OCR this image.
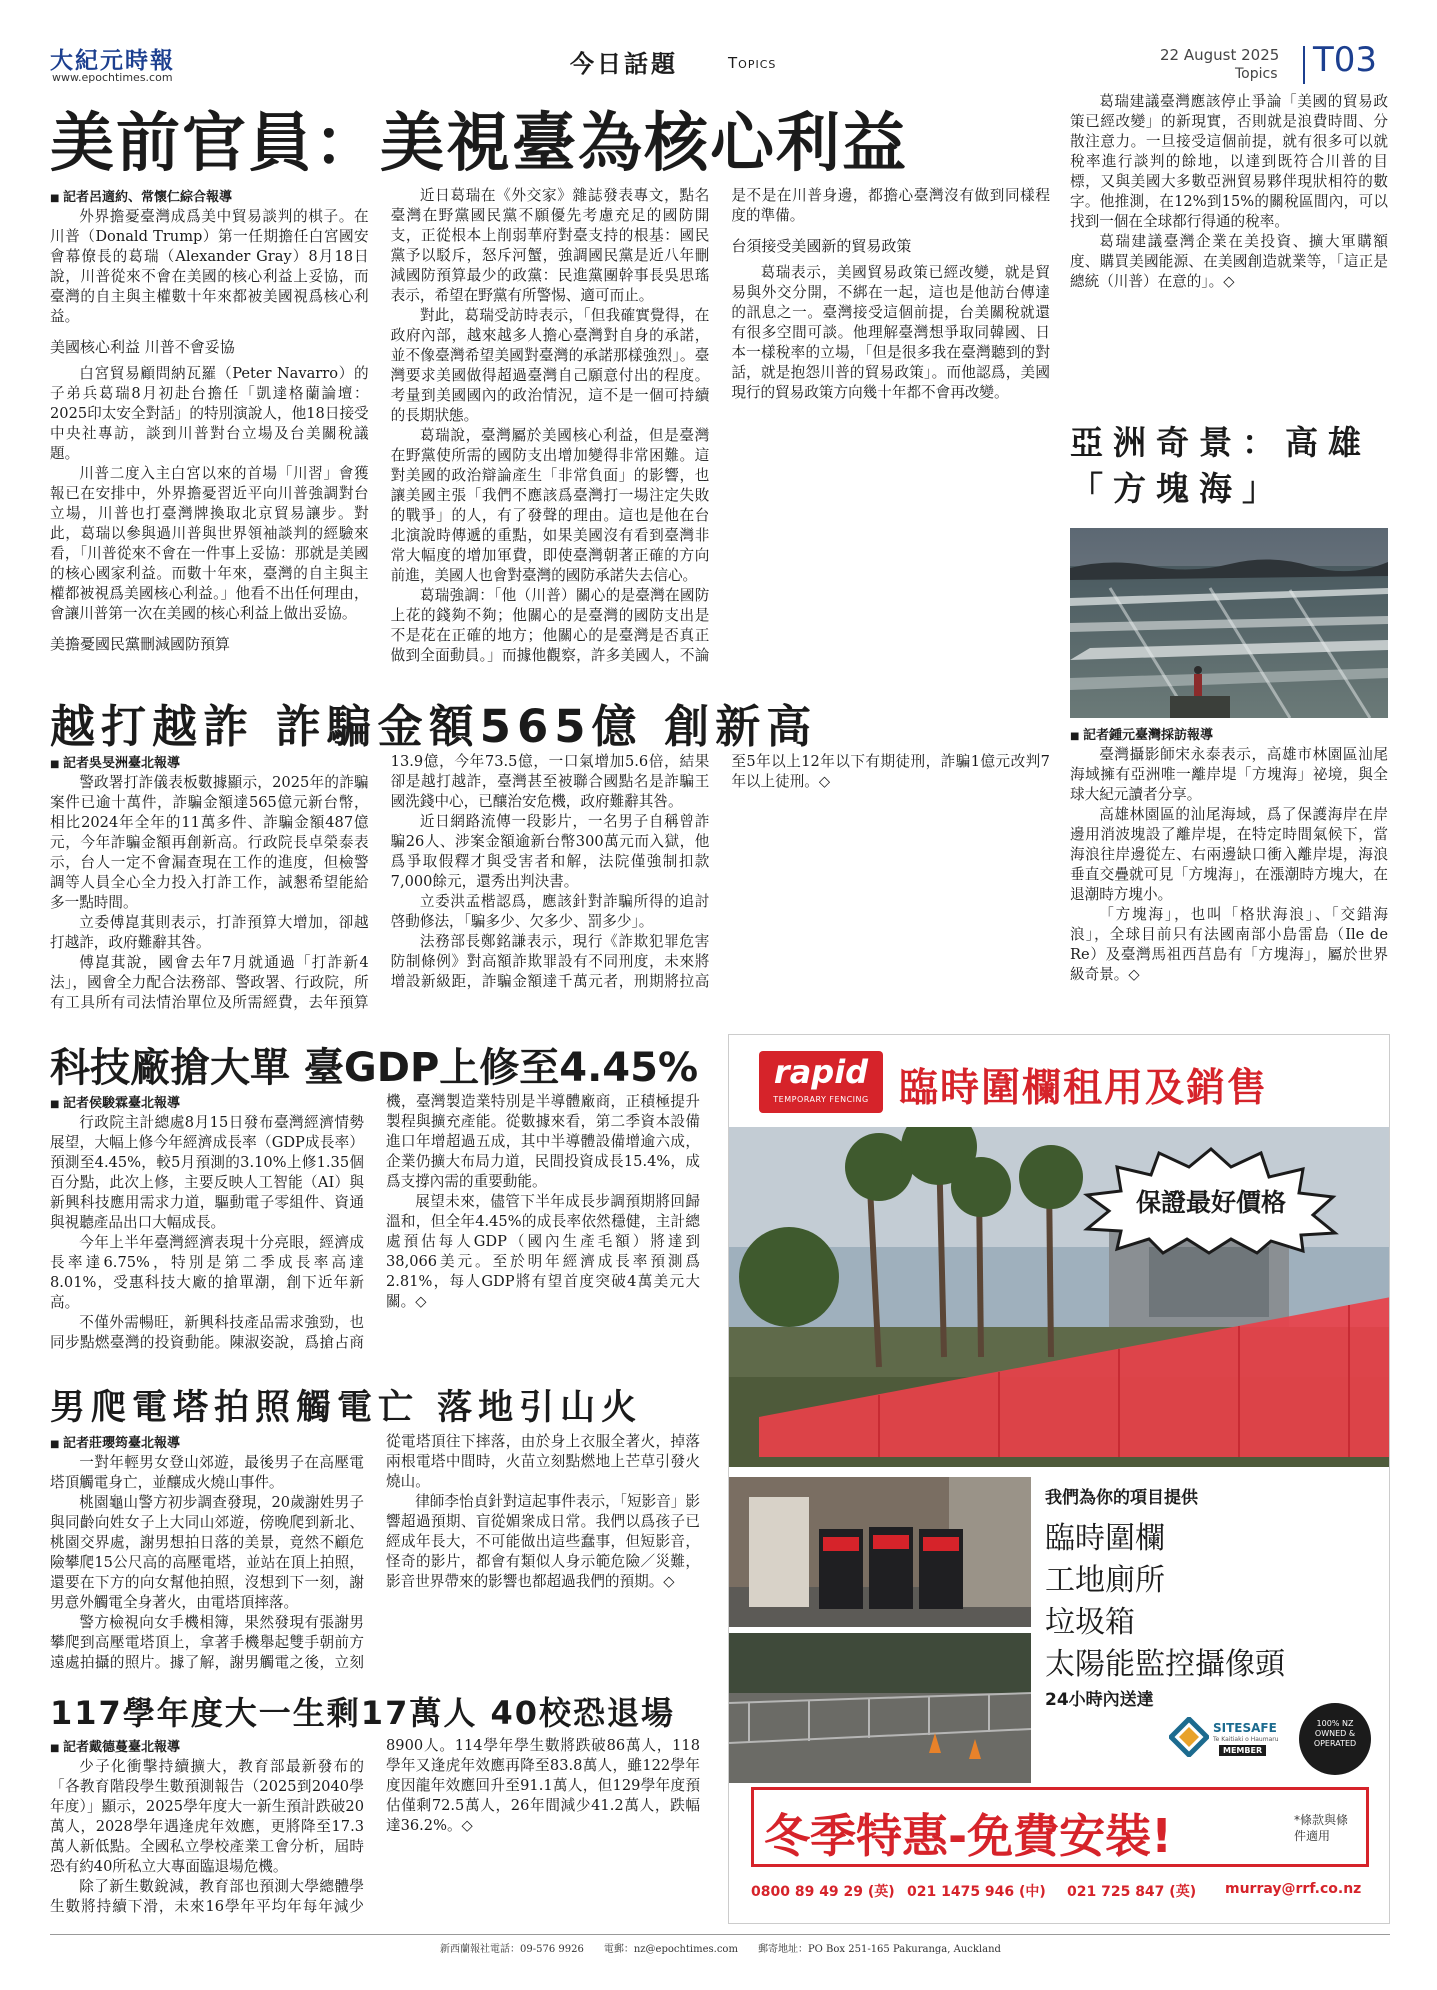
大紀元時報
www.epochtimes.com	今日話題	Topics	22 August 2025
Topics T03
美前官員：美視臺為核心利益

■ 記者呂適約、常懷仁綜合報導

外界擔憂臺灣成爲美中貿易談判的棋子。在川普（Donald Trump）第一任期擔任白宮國安會幕僚長的葛瑞（Alexander Gray）8月18日說，川普從來不會在美國的核心利益上妥協，而臺灣的自主與主權數十年來都被美國視爲核心利益。

美國核心利益 川普不會妥協

白宮貿易顧問納瓦羅（Peter Navarro）的子弟兵葛瑞8月初赴台擔任「凱達格蘭論壇：2025印太安全對話」的特別演說人，他18日接受中央社專訪，談到川普對台立場及台美關稅議題。

川普二度入主白宮以來的首場「川習」會獲報已在安排中，外界擔憂習近平向川普強調對台立場，川普也打臺灣牌換取北京貿易讓步。對此，葛瑞以參與過川普與世界領袖談判的經驗來看，「川普從來不會在一件事上妥協：那就是美國的核心國家利益。而數十年來，臺灣的自主與主權都被視爲美國核心利益。」他看不出任何理由，會讓川普第一次在美國的核心利益上做出妥協。

美擔憂國民黨刪減國防預算

近日葛瑞在《外交家》雜誌發表專文，點名臺灣在野黨國民黨不願優先考慮充足的國防開支，正從根本上削弱華府對臺支持的根基：國民黨予以駁斥，怒斥河蟹，強調國民黨是近八年刪減國防預算最少的政黨：民進黨團幹事長吳思瑤表示，希望在野黨有所警惕、適可而止。

對此，葛瑞受訪時表示，「但我確實覺得，在政府內部，越來越多人擔心臺灣對自身的承諾，並不像臺灣希望美國對臺灣的承諾那樣強烈」。臺灣要求美國做得超過臺灣自己願意付出的程度。考量到美國國內的政治情況，這不是一個可持續的長期狀態。

葛瑞說，臺灣屬於美國核心利益，但是臺灣在野黨使所需的國防支出增加變得非常困難。這對美國的政治辯論產生「非常負面」的影響，也讓美國主張「我們不應該爲臺灣打一場注定失敗的戰爭」的人，有了發聲的理由。這也是他在台北演說時傳遞的重點，如果美國沒有看到臺灣非常大幅度的增加軍費，即使臺灣朝著正確的方向前進，美國人也會對臺灣的國防承諾失去信心。

葛瑞強調：「他（川普）關心的是臺灣在國防上花的錢夠不夠；他關心的是臺灣的國防支出是不是花在正確的地方；他關心的是臺灣是否真正做到全面動員。」而據他觀察，許多美國人，不論是不是在川普身邊，都擔心臺灣沒有做到同樣程度的準備。

台須接受美國新的貿易政策

葛瑞表示，美國貿易政策已經改變，就是貿易與外交分開，不綁在一起，這也是他訪台傳達的訊息之一。臺灣接受這個前提，台美關稅就還有很多空間可談。他理解臺灣想爭取同韓國、日本一樣稅率的立場，「但是很多我在臺灣聽到的對話，就是抱怨川普的貿易政策」。而他認爲，美國現行的貿易政策方向幾十年都不會再改變。

葛瑞建議臺灣應該停止爭論「美國的貿易政策已經改變」的新現實，否則就是浪費時間、分散注意力。一旦接受這個前提，就有很多可以就稅率進行談判的餘地，以達到既符合川普的目標，又與美國大多數亞洲貿易夥伴現狀相符的數字。他推測，在12%到15%的關稅區間內，可以找到一個在全球都行得通的稅率。

葛瑞建議臺灣企業在美投資、擴大軍購額度、購買美國能源、在美國創造就業等，「這正是總統（川普）在意的」。◇

亞洲奇景：高雄「方塊海」

■ 記者鍾元臺灣採訪報導

臺灣攝影師宋永泰表示，高雄市林園區汕尾海域擁有亞洲唯一離岸堤「方塊海」祕境，與全球大紀元讀者分享。

高雄林園區的汕尾海域，爲了保護海岸在岸邊用消波塊設了離岸堤，在特定時間氣候下，當海浪往岸邊從左、右兩邊缺口衝入離岸堤，海浪垂直交疊就可見「方塊海」，在漲潮時方塊大，在退潮時方塊小。

「方塊海」，也叫「格狀海浪」、「交錯海浪」，全球目前只有法國南部小島雷島（Ile de Re）及臺灣馬祖西莒島有「方塊海」，屬於世界級奇景。◇

越打越詐 詐騙金額565億 創新高

■ 記者吳旻洲臺北報導

警政署打詐儀表板數據顯示，2025年的詐騙案件已逾十萬件，詐騙金額達565億元新台幣，相比2024年全年的11萬多件、詐騙金額487億元，今年詐騙金額再創新高。行政院長卓榮泰表示，台人一定不會漏查現在工作的進度，但檢警調等人員全心全力投入打詐工作，誠懇希望能給多一點時間。

立委傅崑萁則表示，打詐預算大增加，卻越打越詐，政府難辭其咎。

傅崑萁說，國會去年7月就通過「打詐新4法」，國會全力配合法務部、警政署、行政院，所有工具所有司法情治單位及所需經費，去年預算13.9億，今年73.5億，一口氣增加5.6倍，結果卻是越打越詐，臺灣甚至被聯合國點名是詐騙王國洗錢中心，已釀治安危機，政府難辭其咎。

近日網路流傳一段影片，一名男子自稱曾詐騙26人、涉案金額逾新台幣300萬元而入獄，他爲爭取假釋才與受害者和解，法院僅強制扣款7,000餘元，還秀出判決書。

立委洪孟楷認爲，應該針對詐騙所得的追討啓動修法，「騙多少、欠多少、罰多少」。

法務部長鄭銘謙表示，現行《詐欺犯罪危害防制條例》對高額詐欺罪設有不同刑度，未來將增設新級距，詐騙金額達千萬元者，刑期將拉高至5年以上12年以下有期徒刑，詐騙1億元改判7年以上徒刑。◇

科技廠搶大單 臺GDP上修至4.45%

■ 記者侯駿霖臺北報導

行政院主計總處8月15日發布臺灣經濟情勢展望，大幅上修今年經濟成長率（GDP成長率）預測至4.45%，較5月預測的3.10%上修1.35個百分點，此次上修，主要反映人工智能（AI）與新興科技應用需求力道，驅動電子零組件、資通與視聽產品出口大幅成長。

今年上半年臺灣經濟表現十分亮眼，經濟成長率達6.75%，特別是第二季成長率高達8.01%，受惠科技大廠的搶單潮，創下近年新高。

不僅外需暢旺，新興科技產品需求強勁，也同步點燃臺灣的投資動能。陳淑姿說，爲搶占商機，臺灣製造業特別是半導體廠商，正積極提升製程與擴充產能。從數據來看，第二季資本設備進口年增超過五成，其中半導體設備增逾六成，企業仍擴大布局力道，民間投資成長15.4%，成爲支撐內需的重要動能。

展望未來，儘管下半年成長步調預期將回歸溫和，但全年4.45%的成長率依然穩健，主計總處預估每人GDP（國內生產毛額）將達到38,066美元。至於明年經濟成長率預測爲2.81%，每人GDP將有望首度突破4萬美元大關。◇

男爬電塔拍照觸電亡 落地引山火

■ 記者莊瓔筠臺北報導

一對年輕男女登山郊遊，最後男子在高壓電塔頂觸電身亡，並釀成火燒山事件。

桃園龜山警方初步調查發現，20歲謝姓男子與同齡向姓女子上大同山郊遊，傍晚爬到新北、桃園交界處，謝男想拍日落的美景，竟然不顧危險攀爬15公尺高的高壓電塔，並站在頂上拍照，還要在下方的向女幫他拍照，沒想到下一刻，謝男意外觸電全身著火，由電塔頂摔落。

警方檢視向女手機相簿，果然發現有張謝男攀爬到高壓電塔頂上，拿著手機舉起雙手朝前方遠處拍攝的照片。據了解，謝男觸電之後，立刻從電塔頂往下摔落，由於身上衣服全著火，掉落兩根電塔中間時，火苗立刻點燃地上芒草引發火燒山。

律師李怡貞針對這起事件表示，「短影音」影響超過預期、盲從媚衆成日常。我們以爲孩子已經成年長大，不可能做出這些蠢事，但短影音，怪奇的影片，都會有類似人身示範危險／災難，影音世界帶來的影響也都超過我們的預期。◇

117學年度大一生剩17萬人 40校恐退場

■ 記者戴德蔓臺北報導

少子化衝擊持續擴大，教育部最新發布的「各教育階段學生數預測報告（2025到2040學年度）」顯示，2025學年度大一新生預計跌破20萬人，2028學年遇逢虎年效應，更將降至17.3萬人新低點。全國私立學校產業工會分析，屆時恐有約40所私立大專面臨退場危機。

除了新生數銳減，教育部也預測大學總體學生數將持續下滑，未來16學年平均年每年減少8900人。114學年學生數將跌破86萬人，118學年又逢虎年效應再降至83.8萬人，雖122學年度因龍年效應回升至91.1萬人，但129學年度預估僅剩72.5萬人，26年間減少41.2萬人，跌幅達36.2%。◇

rapid
TEMPORARY FENCING 臨時圍欄租用及銷售
保證最好價格
我們為你的項目提供
臨時圍欄
工地廁所
垃圾箱
太陽能監控攝像頭
24小時內送達
SITESAFE
Te Kaitiaki o Haumaru
MEMBER
100% NZ OWNED & OPERATED
冬季特惠-免費安裝!	*條款與條件適用
0800 89 49 29 (英) 021 1475 946 (中) 021 725 847 (英) murray@rrf.co.nz
新西蘭報社電話：09-576 9926　　電郵：nz@epochtimes.com　　郵寄地址：PO Box 251-165 Pakuranga, Auckland
